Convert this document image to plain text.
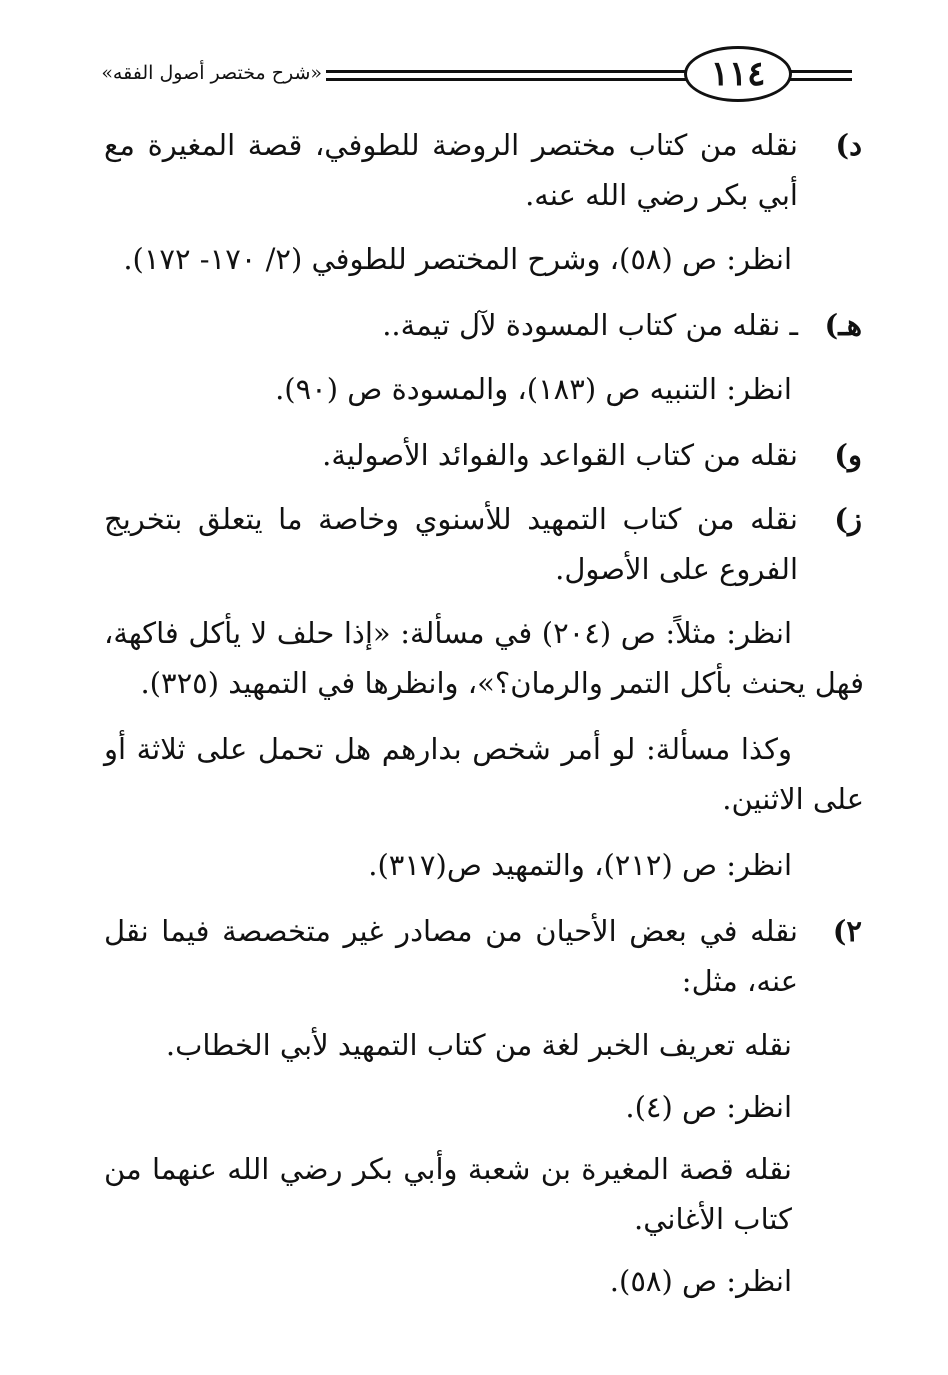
١١٤
«شرح مختصر أصول الفقه»
د)
نقله من كتاب مختصر الروضة للطوفي، قصة المغيرة مع أبي بكر رضي الله عنه.
انظر: ص (٥٨)، وشرح المختصر للطوفي (٢/ ١٧٠- ١٧٢).
هـ)
ـ نقله من كتاب المسودة لآل تيمة..
انظر: التنبيه ص (١٨٣)، والمسودة ص (٩٠).
و)
نقله من كتاب القواعد والفوائد الأصولية.
ز)
نقله من كتاب التمهيد للأسنوي وخاصة ما يتعلق بتخريج الفروع على الأصول.
انظر: مثلاً: ص (٢٠٤) في مسألة: «إذا حلف لا يأكل فاكهة، فهل يحنث بأكل التمر والرمان؟»، وانظرها في التمهيد (٣٢٥).
وكذا مسألة: لو أمر شخص بدارهم هل تحمل على ثلاثة أو على الاثنين.
انظر: ص (٢١٢)، والتمهيد ص(٣١٧).
٢)
نقله في بعض الأحيان من مصادر غير متخصصة فيما نقل عنه، مثل:
نقله تعريف الخبر لغة من كتاب التمهيد لأبي الخطاب.
انظر: ص (٤).
نقله قصة المغيرة بن شعبة وأبي بكر رضي الله عنهما من كتاب الأغاني.
انظر: ص (٥٨).
